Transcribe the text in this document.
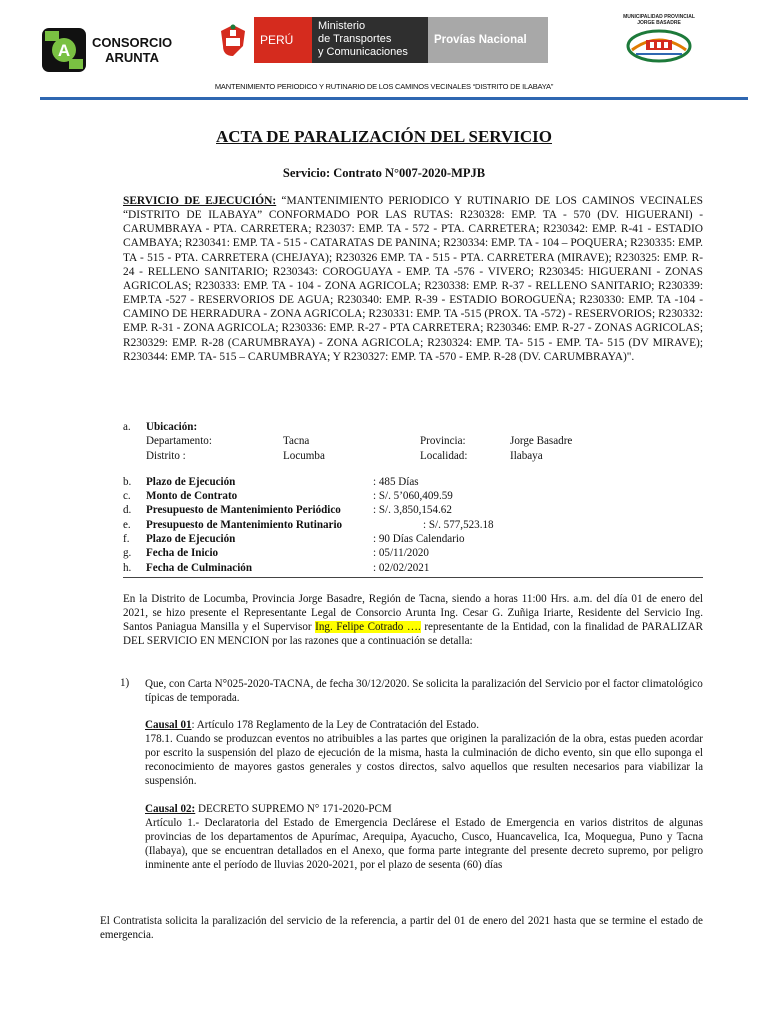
A CONSORCIO
ARUNTA
PERÚ
Ministerio
de Transportes
y Comunicaciones
Provías Nacional
MUNICIPALIDAD PROVINCIAL
JORGE BASADRE
MANTENIMIENTO PERIODICO Y RUTINARIO DE LOS CAMINOS VECINALES “DISTRITO DE ILABAYA”
ACTA DE PARALIZACIÓN DEL SERVICIO
Servicio: Contrato N°007-2020-MPJB
SERVICIO DE EJECUCIÓN: “MANTENIMIENTO PERIODICO Y RUTINARIO DE LOS CAMINOS VECINALES “DISTRITO DE ILABAYA” CONFORMADO POR LAS RUTAS: R230328: EMP. TA - 570 (DV. HIGUERANI) - CARUMBRAYA - PTA. CARRETERA; R23037: EMP. TA - 572 - PTA. CARRETERA; R230342: EMP. R-41 - ESTADIO CAMBAYA; R230341: EMP. TA - 515 - CATARATAS DE PANINA; R230334: EMP. TA - 104 – POQUERA; R230335: EMP. TA - 515 - PTA. CARRETERA (CHEJAYA); R230326 EMP. TA - 515 - PTA. CARRETERA (MIRAVE); R230325: EMP. R-24 - RELLENO SANITARIO; R230343: COROGUAYA - EMP. TA -576 - VIVERO; R230345: HIGUERANI - ZONAS AGRICOLAS; R230333: EMP. TA - 104 - ZONA AGRICOLA; R230338: EMP. R-37 - RELLENO SANITARIO; R230339: EMP.TA -527 - RESERVORIOS DE AGUA; R230340: EMP. R-39 - ESTADIO BOROGUEÑA; R230330: EMP. TA -104 - CAMINO DE HERRADURA - ZONA AGRICOLA; R230331: EMP. TA -515 (PROX. TA -572) - RESERVORIOS; R230332: EMP. R-31 - ZONA AGRICOLA; R230336: EMP. R-27 - PTA CARRETERA; R230346: EMP. R-27 - ZONAS AGRICOLAS; R230329: EMP. R-28 (CARUMBRAYA) - ZONA AGRICOLA; R230324: EMP. TA- 515 - EMP. TA- 515 (DV MIRAVE); R230344: EMP. TA- 515 – CARUMBRAYA; Y R230327: EMP. TA -570 - EMP. R-28 (DV. CARUMBRAYA)".
a. Ubicación:
Departamento:	Tacna	Provincia:	Jorge Basadre
Distrito :	Locumba	Localidad:	Ilabaya
b. Plazo de Ejecución	: 485 Días
c. Monto de Contrato	: S/. 5’060,409.59
d. Presupuesto de Mantenimiento Periódico	: S/. 3,850,154.62
e. Presupuesto de Mantenimiento Rutinario	: S/. 577,523.18
f. Plazo de Ejecución	: 90 Días Calendario
g. Fecha de Inicio	: 05/11/2020
h. Fecha de Culminación	: 02/02/2021
En la Distrito de Locumba, Provincia Jorge Basadre, Región de Tacna, siendo a horas 11:00 Hrs. a.m. del día 01 de enero del 2021, se hizo presente el Representante Legal de Consorcio Arunta Ing. Cesar G. Zuñiga Iriarte, Residente del Servicio Ing. Santos Paniagua Mansilla y el Supervisor Ing. Felipe Cotrado …. representante de la Entidad, con la finalidad de PARALIZAR DEL SERVICIO EN MENCION por las razones que a continuación se detalla:
1) Que, con Carta N°025-2020-TACNA, de fecha 30/12/2020. Se solicita la paralización del Servicio por el factor climatológico típicas de temporada.
Causal 01: Artículo 178 Reglamento de la Ley de Contratación del Estado.
178.1. Cuando se produzcan eventos no atribuibles a las partes que originen la paralización de la obra, estas pueden acordar por escrito la suspensión del plazo de ejecución de la misma, hasta la culminación de dicho evento, sin que ello suponga el reconocimiento de mayores gastos generales y costos directos, salvo aquellos que resulten necesarios para viabilizar la suspensión.
Causal 02: DECRETO SUPREMO N° 171-2020-PCM
Artículo 1.- Declaratoria del Estado de Emergencia Declárese el Estado de Emergencia en varios distritos de algunas provincias de los departamentos de Apurímac, Arequipa, Ayacucho, Cusco, Huancavelica, Ica, Moquegua, Puno y Tacna (Ilabaya), que se encuentran detallados en el Anexo, que forma parte integrante del presente decreto supremo, por peligro inminente ante el período de lluvias 2020-2021, por el plazo de sesenta (60) días
El Contratista solicita la paralización del servicio de la referencia, a partir del 01 de enero del 2021 hasta que se termine el estado de emergencia.
